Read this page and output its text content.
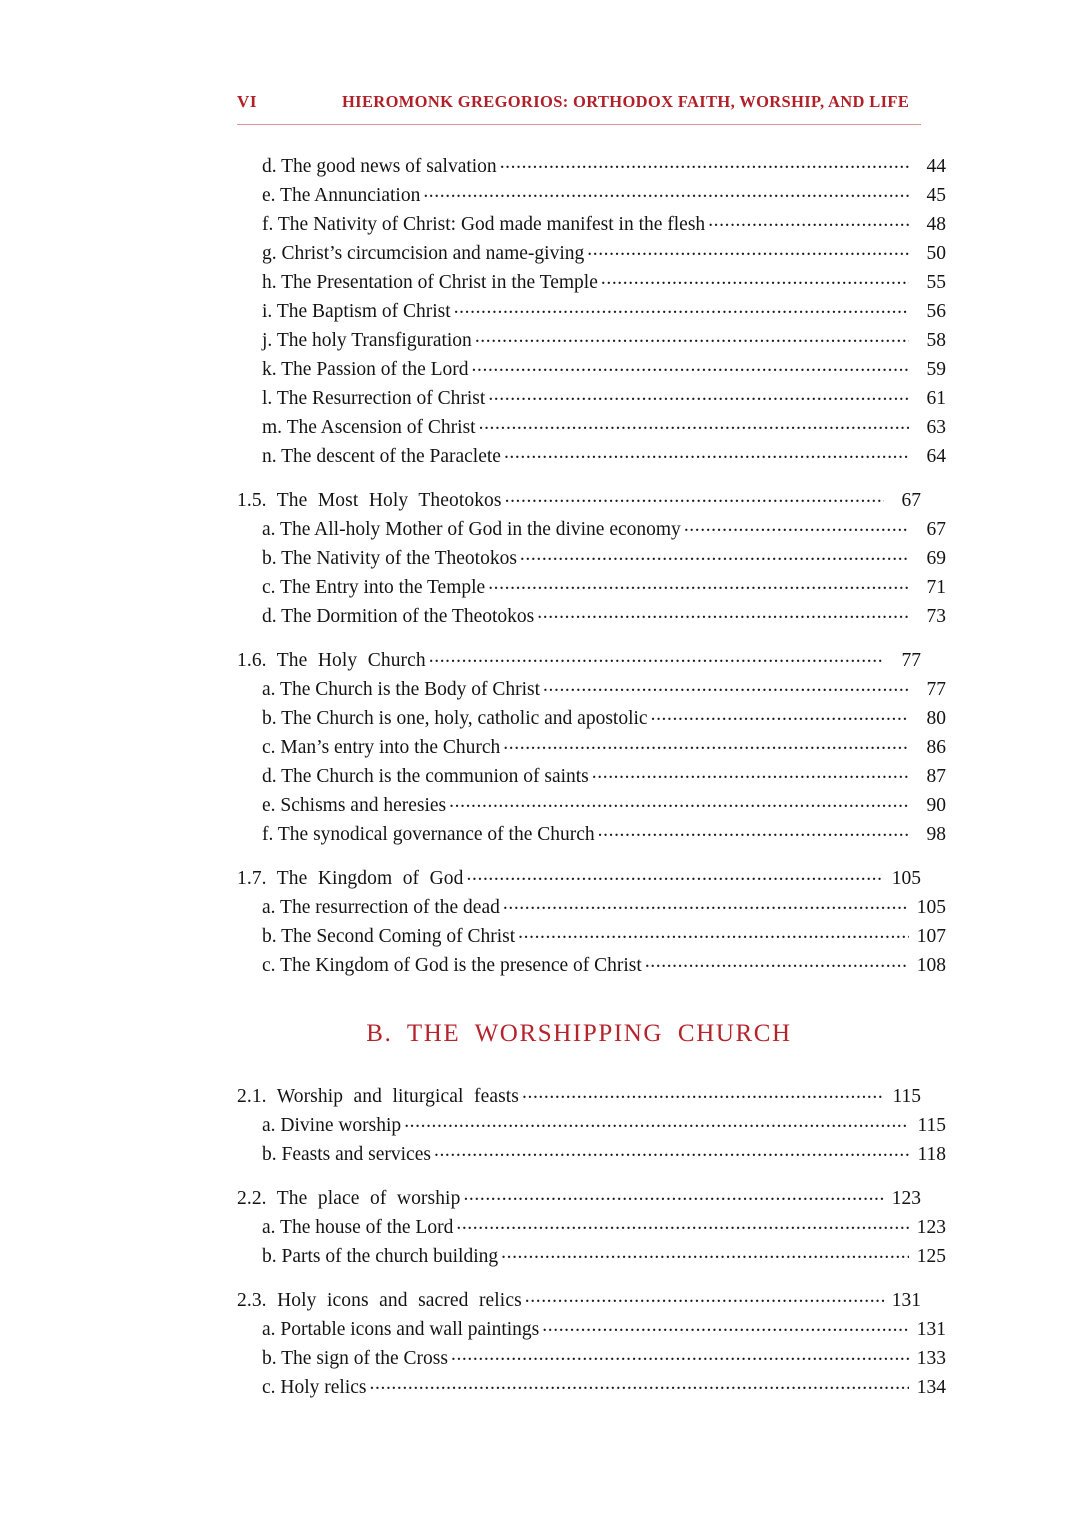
VI	HIEROMONK GREGORIOS: ORTHODOX FAITH, WORSHIP, AND LIFE
d. The good news of salvation .....	44
e. The Annunciation .....	45
f. The Nativity of Christ: God made manifest in the flesh .....	48
g. Christ’s circumcision and name-giving .....	50
h. The Presentation of Christ in the Temple .....	55
i. The Baptism of Christ .....	56
j. The holy Transfiguration .....	58
k. The Passion of the Lord .....	59
l. The Resurrection of Christ .....	61
m. The Ascension of Christ .....	63
n. The descent of the Paraclete .....	64
1.5. The Most Holy Theotokos .....	67
a. The All-holy Mother of God in the divine economy .....	67
b. The Nativity of the Theotokos .....	69
c. The Entry into the Temple .....	71
d. The Dormition of the Theotokos .....	73
1.6. The Holy Church .....	77
a. The Church is the Body of Christ .....	77
b. The Church is one, holy, catholic and apostolic .....	80
c. Man’s entry into the Church .....	86
d. The Church is the communion of saints .....	87
e. Schisms and heresies .....	90
f. The synodical governance of the Church .....	98
1.7. The Kingdom of God .....	105
a. The resurrection of the dead .....	105
b. The Second Coming of Christ .....	107
c. The Kingdom of God is the presence of Christ .....	108
B. THE WORSHIPPING CHURCH
2.1. Worship and liturgical feasts .....	115
a. Divine worship .....	115
b. Feasts and services .....	118
2.2. The place of worship .....	123
a. The house of the Lord .....	123
b. Parts of the church building .....	125
2.3. Holy icons and sacred relics .....	131
a. Portable icons and wall paintings .....	131
b. The sign of the Cross .....	133
c. Holy relics .....	134
